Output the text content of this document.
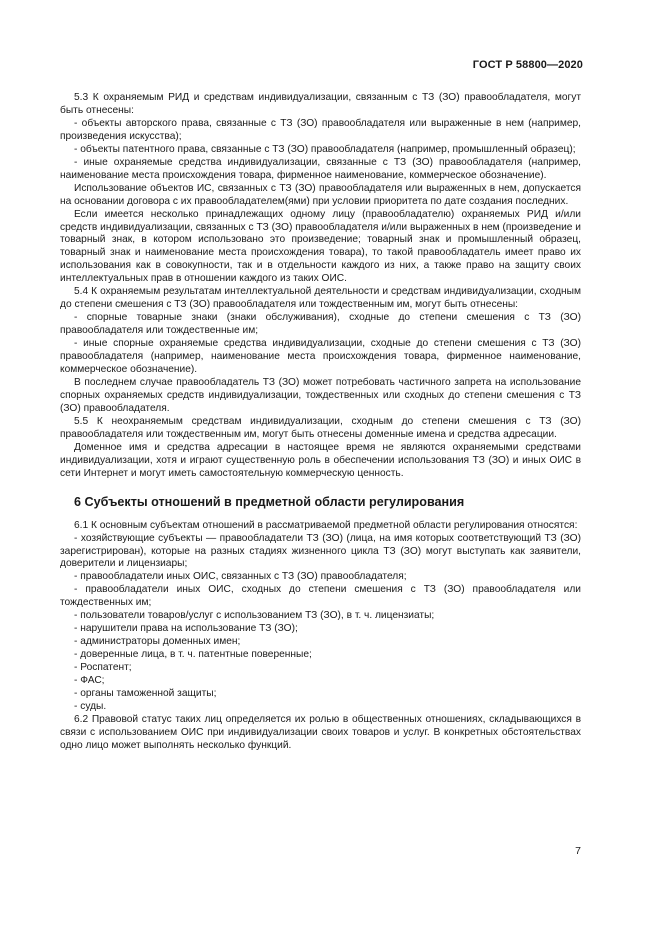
ГОСТ Р 58800—2020

5.3 К охраняемым РИД и средствам индивидуализации, связанным с ТЗ (ЗО) правообладателя, могут быть отнесены:

- объекты авторского права, связанные с ТЗ (ЗО) правообладателя или выраженные в нем (например, произведения искусства);

- объекты патентного права, связанные с ТЗ (ЗО) правообладателя (например, промышленный образец);

- иные охраняемые средства индивидуализации, связанные с ТЗ (ЗО) правообладателя (например, наименование места происхождения товара, фирменное наименование, коммерческое обозначение).

Использование объектов ИС, связанных с ТЗ (ЗО) правообладателя или выраженных в нем, допускается на основании договора с их правообладателем(ями) при условии приоритета по дате создания последних.

Если имеется несколько принадлежащих одному лицу (правообладателю) охраняемых РИД и/или средств индивидуализации, связанных с ТЗ (ЗО) правообладателя и/или выраженных в нем (произведение и товарный знак, в котором использовано это произведение; товарный знак и промышленный образец, товарный знак и наименование места происхождения товара), то такой правообладатель имеет право их использования как в совокупности, так и в отдельности каждого из них, а также право на защиту своих интеллектуальных прав в отношении каждого из таких ОИС.

5.4 К охраняемым результатам интеллектуальной деятельности и средствам индивидуализации, сходным до степени смешения с ТЗ (ЗО) правообладателя или тождественным им, могут быть отнесены:

- спорные товарные знаки (знаки обслуживания), сходные до степени смешения с ТЗ (ЗО) правообладателя или тождественные им;

- иные спорные охраняемые средства индивидуализации, сходные до степени смешения с ТЗ (ЗО) правообладателя (например, наименование места происхождения товара, фирменное наименование, коммерческое обозначение).

В последнем случае правообладатель ТЗ (ЗО) может потребовать частичного запрета на использование спорных охраняемых средств индивидуализации, тождественных или сходных до степени смешения с ТЗ (ЗО) правообладателя.

5.5 К неохраняемым средствам индивидуализации, сходным до степени смешения с ТЗ (ЗО) правообладателя или тождественным им, могут быть отнесены доменные имена и средства адресации.

Доменное имя и средства адресации в настоящее время не являются охраняемыми средствами индивидуализации, хотя и играют существенную роль в обеспечении использования ТЗ (ЗО) и иных ОИС в сети Интернет и могут иметь самостоятельную коммерческую ценность.

6 Субъекты отношений в предметной области регулирования

6.1 К основным субъектам отношений в рассматриваемой предметной области регулирования относятся:

- хозяйствующие субъекты — правообладатели ТЗ (ЗО) (лица, на имя которых соответствующий ТЗ (ЗО) зарегистрирован), которые на разных стадиях жизненного цикла ТЗ (ЗО) могут выступать как заявители, доверители и лицензиары;

- правообладатели иных ОИС, связанных с ТЗ (ЗО) правообладателя;

- правообладатели иных ОИС, сходных до степени смешения с ТЗ (ЗО) правообладателя или тождественных им;

- пользователи товаров/услуг с использованием ТЗ (ЗО), в т. ч. лицензиаты;

- нарушители права на использование ТЗ (ЗО);

- администраторы доменных имен;

- доверенные лица, в т. ч. патентные поверенные;

- Роспатент;

- ФАС;

- органы таможенной защиты;

- суды.

6.2 Правовой статус таких лиц определяется их ролью в общественных отношениях, складывающихся в связи с использованием ОИС при индивидуализации своих товаров и услуг. В конкретных обстоятельствах одно лицо может выполнять несколько функций.

7
